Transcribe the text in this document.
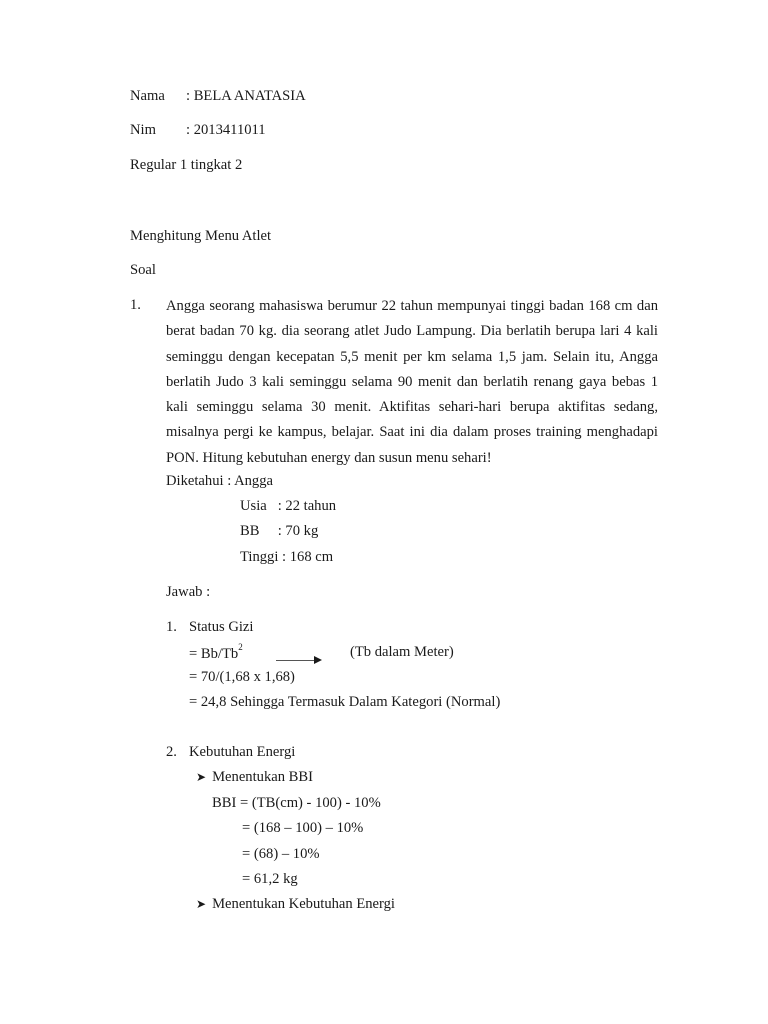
Nama : BELA ANATASIA
Nim : 2013411011
Regular 1 tingkat 2
Menghitung Menu Atlet
Soal
1. Angga seorang mahasiswa berumur 22 tahun mempunyai tinggi badan 168 cm dan berat badan 70 kg. dia seorang atlet Judo Lampung. Dia berlatih berupa lari 4 kali seminggu dengan kecepatan 5,5 menit per km selama 1,5 jam. Selain itu, Angga berlatih Judo 3 kali seminggu selama 90 menit dan berlatih renang gaya bebas 1 kali seminggu selama 30 menit. Aktifitas sehari-hari berupa aktifitas sedang, misalnya pergi ke kampus, belajar. Saat ini dia dalam proses training menghadapi PON. Hitung kebutuhan energy dan susun menu sehari!
Diketahui : Angga
Usia   : 22 tahun
BB     : 70 kg
Tinggi : 168 cm
Jawab :
1. Status Gizi
= $Bb/Tb^2$	(Tb dalam Meter)
= 70/(1,68 x 1,68)
= 24,8 Sehingga Termasuk Dalam Kategori (Normal)
2. Kebutuhan Energi
➤ Menentukan BBI
BBI = (TB(cm) - 100) - 10%
= (168 – 100) – 10%
= (68) – 10%
= 61,2 kg
➤ Menentukan Kebutuhan Energi
